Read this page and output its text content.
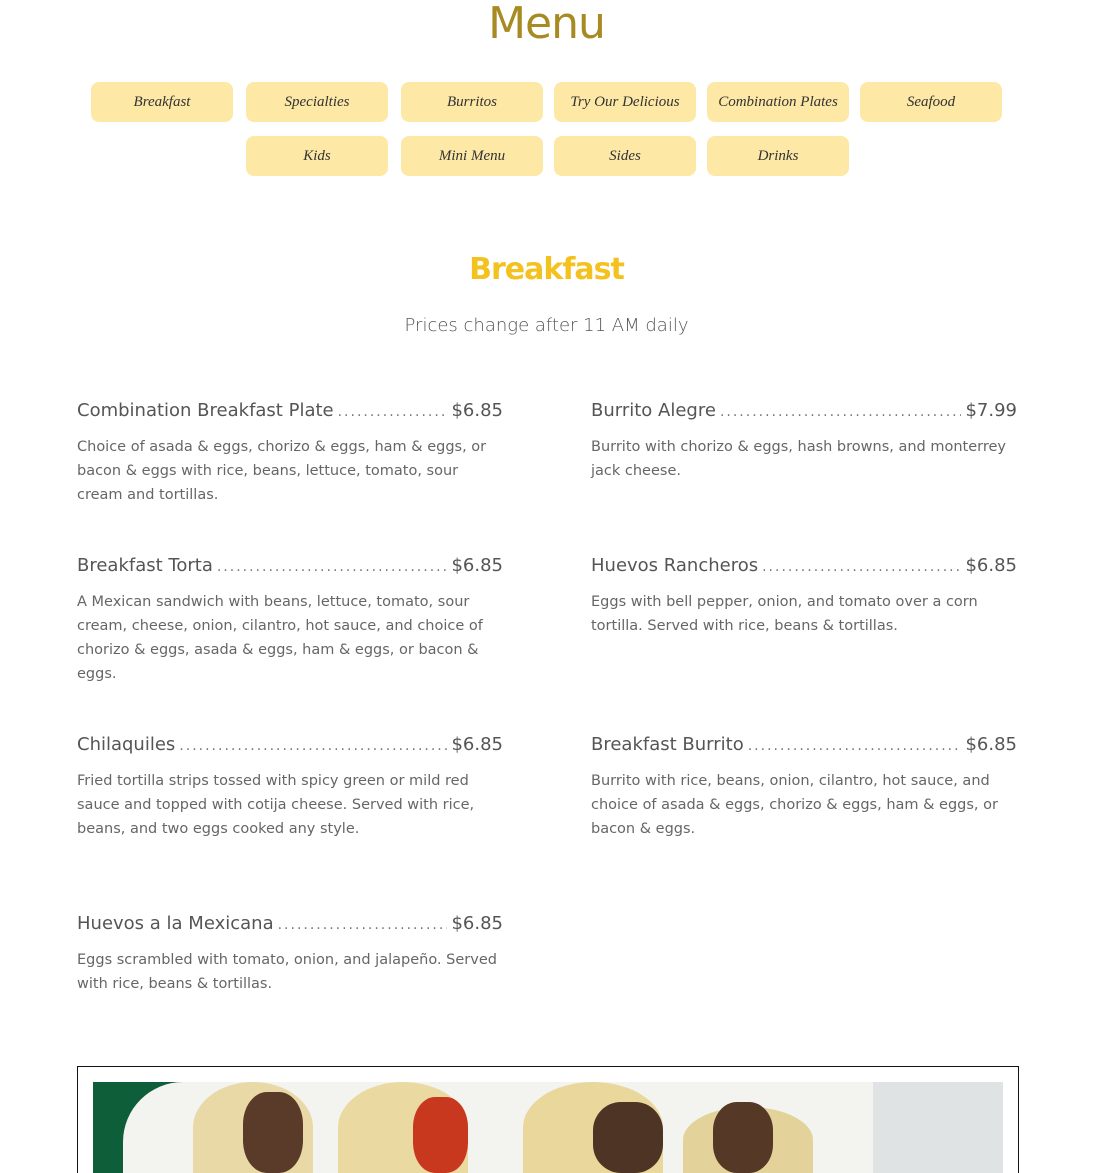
Menu
Breakfast	Specialties	Burritos	Try Our Delicious	Combination Plates	Seafood
Kids	Mini Menu	Sides	Drinks
Breakfast
Prices change after 11 AM daily
Combination Breakfast Plate .....	$6.85
Choice of asada & eggs, chorizo & eggs, ham & eggs, or bacon & eggs with rice, beans, lettuce, tomato, sour cream and tortillas.
Burrito Alegre .....	$7.99
Burrito with chorizo & eggs, hash browns, and monterrey jack cheese.
Breakfast Torta .....	$6.85
A Mexican sandwich with beans, lettuce, tomato, sour cream, cheese, onion, cilantro, hot sauce, and choice of chorizo & eggs, asada & eggs, ham & eggs, or bacon & eggs.
Huevos Rancheros .....	$6.85
Eggs with bell pepper, onion, and tomato over a corn tortilla. Served with rice, beans & tortillas.
Chilaquiles .....	$6.85
Fried tortilla strips tossed with spicy green or mild red sauce and topped with cotija cheese. Served with rice, beans, and two eggs cooked any style.
Breakfast Burrito .....	$6.85
Burrito with rice, beans, onion, cilantro, hot sauce, and choice of asada & eggs, chorizo & eggs, ham & eggs, or bacon & eggs.
Huevos a la Mexicana .....	$6.85
Eggs scrambled with tomato, onion, and jalapeño. Served with rice, beans & tortillas.
